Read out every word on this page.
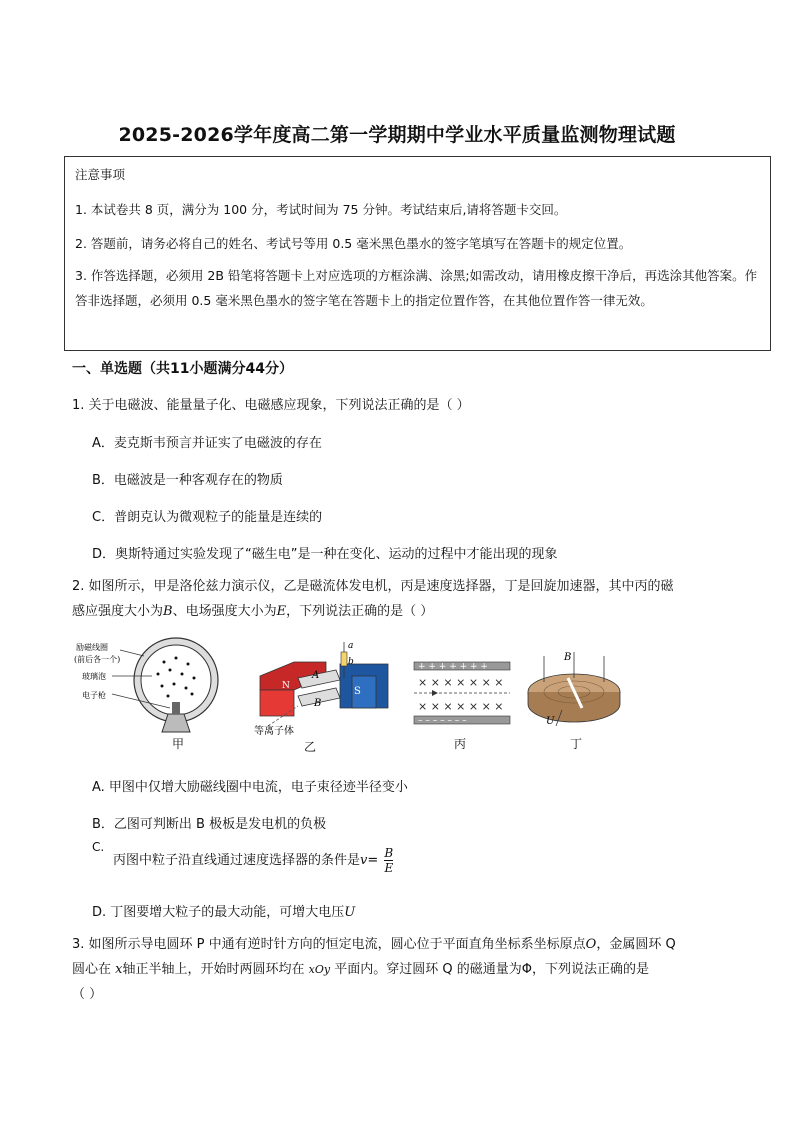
2025-2026学年度高二第一学期期中学业水平质量监测物理试题
注意事项
1. 本试卷共 8 页，满分为 100 分，考试时间为 75 分钟。考试结束后,请将答题卡交回。
2. 答题前，请务必将自己的姓名、考试号等用 0.5 毫米黑色墨水的签字笔填写在答题卡的规定位置。
3. 作答选择题，必须用 2B 铅笔将答题卡上对应选项的方框涂满、涂黑;如需改动，请用橡皮擦干净后，再选涂其他答案。作答非选择题，必须用 0.5 毫米黑色墨水的签字笔在答题卡上的指定位置作答，在其他位置作答一律无效。
一、单选题（共11小题满分44分）
1. 关于电磁波、能量量子化、电磁感应现象，下列说法正确的是（ ）
A．麦克斯韦预言并证实了电磁波的存在
B．电磁波是一种客观存在的物质
C．普朗克认为微观粒子的能量是连续的
D．奥斯特通过实验发现了“磁生电”是一种在变化、运动的过程中才能出现的现象
2. 如图所示，甲是洛伦兹力演示仪，乙是磁流体发电机，丙是速度选择器，丁是回旋加速器，其中丙的磁
感应强度大小为B、电场强度大小为E，下列说法正确的是（ ）
励磁线圈
(前后各一个)
玻璃泡
电子枪
甲
N	S
A
B
a
b
等离子体
乙
+ + + + + + +
– – – – – – –
× × × × × × ×
× × × × × × ×
丙
B
U
丁
A. 甲图中仅增大励磁线圈中电流，电子束径迹半径变小
B．乙图可判断出 B 极板是发电机的负极
C.
丙图中粒子沿直线通过速度选择器的条件是$v= \frac{B}{E}$
D. 丁图要增大粒子的最大动能，可增大电压U
3. 如图所示导电圆环 P 中通有逆时针方向的恒定电流，圆心位于平面直角坐标系坐标原点O，金属圆环 Q
圆心在 x轴正半轴上，开始时两圆环均在 xOy 平面内。穿过圆环 Q 的磁通量为Φ，下列说法正确的是
（ ）
